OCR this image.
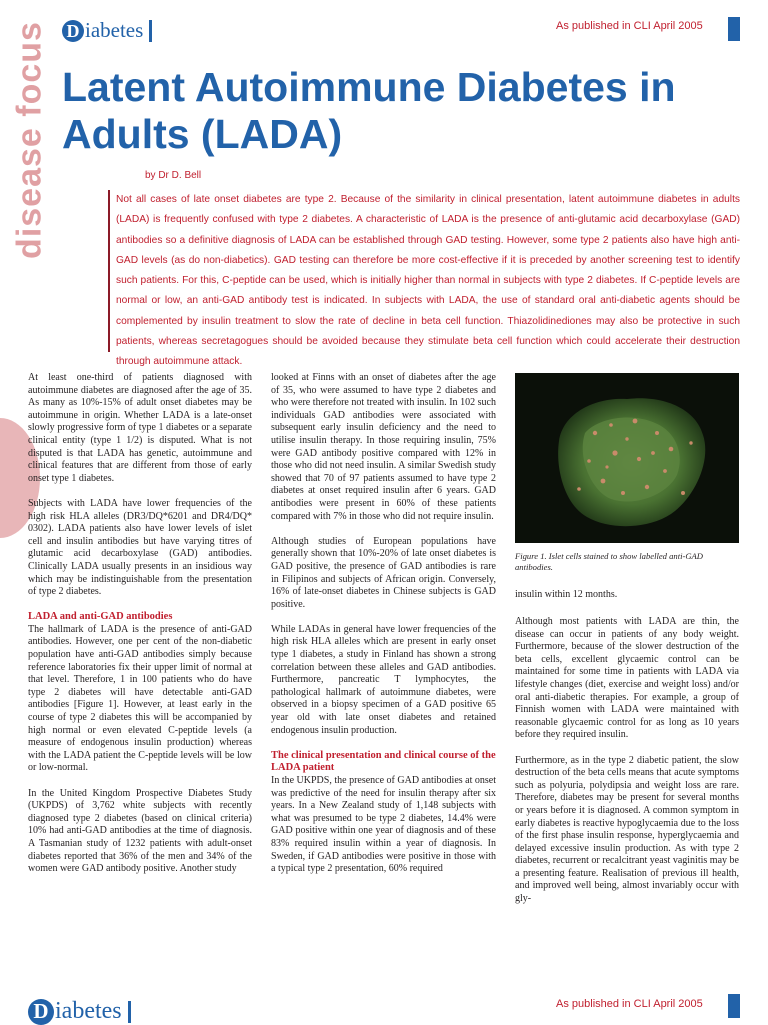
disease focus D iabetes	As published in CLI April 2005
Latent Autoimmune Diabetes in Adults (LADA)
by Dr D. Bell
Not all cases of late onset diabetes are type 2. Because of the similarity in clinical presentation, latent autoimmune diabetes in adults (LADA) is frequently confused with type 2 diabetes. A characteristic of LADA is the presence of anti-glutamic acid decarboxylase (GAD) antibodies so a definitive diagnosis of LADA can be established through GAD testing. However, some type 2 patients also have high anti-GAD levels (as do non-diabetics). GAD testing can therefore be more cost-effective if it is preceded by another screening test to identify such patients. For this, C-peptide can be used, which is initially higher than normal in subjects with type 2 diabetes. If C-peptide levels are normal or low, an anti-GAD antibody test is indicated. In subjects with LADA, the use of standard oral anti-diabetic agents should be complemented by insulin treatment to slow the rate of decline in beta cell function. Thiazolidinediones may also be protective in such patients, whereas secretagogues should be avoided because they stimulate beta cell function which could accelerate their destruction through autoimmune attack.

At least one-third of patients diagnosed with autoimmune diabetes are diagnosed after the age of 35. As many as 10%-15% of adult onset diabetes may be autoimmune in origin. Whether LADA is a late-onset slowly progressive form of type 1 diabetes or a separate clinical entity (type 1 1/2) is disputed. What is not disputed is that LADA has genetic, autoimmune and clinical features that are different from those of early onset type 1 diabetes.

Subjects with LADA have lower frequencies of the high risk HLA alleles (DR3/DQ*6201 and DR4/DQ* 0302). LADA patients also have lower levels of islet cell and insulin antibodies but have varying titres of glutamic acid decarboxylase (GAD) antibodies. Clinically LADA usually presents in an insidious way which may be indistinguishable from the presentation of type 2 diabetes.

LADA and anti-GAD antibodies

The hallmark of LADA is the presence of anti-GAD antibodies. However, one per cent of the non-diabetic population have anti-GAD antibodies simply because reference laboratories fix their upper limit of normal at that level. Therefore, 1 in 100 patients who do have type 2 diabetes will have detectable anti-GAD antibodies [Figure 1]. However, at least early in the course of type 2 diabetes this will be accompanied by high normal or even elevated C-peptide levels (a measure of endogenous insulin production) whereas with the LADA patient the C-peptide levels will be low or low-normal.

In the United Kingdom Prospective Diabetes Study (UKPDS) of 3,762 white subjects with recently diagnosed type 2 diabetes (based on clinical criteria) 10% had anti-GAD antibodies at the time of diagnosis. A Tasmanian study of 1232 patients with adult-onset diabetes reported that 36% of the men and 34% of the women were GAD antibody positive. Another study

looked at Finns with an onset of diabetes after the age of 35, who were assumed to have type 2 diabetes and who were therefore not treated with insulin. In 102 such individuals GAD antibodies were associated with subsequent early insulin deficiency and the need to utilise insulin therapy. In those requiring insulin, 75% were GAD antibody positive compared with 12% in those who did not need insulin. A similar Swedish study showed that 70 of 97 patients assumed to have type 2 diabetes at onset required insulin after 6 years. GAD antibodies were present in 60% of these patients compared with 7% in those who did not require insulin.

Although studies of European populations have generally shown that 10%-20% of late onset diabetes is GAD positive, the presence of GAD antibodies is rare in Filipinos and subjects of African origin. Conversely, 16% of late-onset diabetes in Chinese subjects is GAD positive.

While LADAs in general have lower frequencies of the high risk HLA alleles which are present in early onset type 1 diabetes, a study in Finland has shown a strong correlation between these alleles and GAD antibodies. Furthermore, pancreatic T lymphocytes, the pathological hallmark of autoimmune diabetes, were observed in a biopsy specimen of a GAD positive 65 year old with late onset diabetes and retained endogenous insulin production.

The clinical presentation and clinical course of the LADA patient

In the UKPDS, the presence of GAD antibodies at onset was predictive of the need for insulin therapy after six years. In a New Zealand study of 1,148 subjects with what was presumed to be type 2 diabetes, 14.4% were GAD positive within one year of diagnosis and of these 83% required insulin within a year of diagnosis. In Sweden, if GAD antibodies were positive in those with a typical type 2 presentation, 60% required

Figure 1. Islet cells stained to show labelled anti-GAD antibodies.

insulin within 12 months.

Although most patients with LADA are thin, the disease can occur in patients of any body weight. Furthermore, because of the slower destruction of the beta cells, excellent glycaemic control can be maintained for some time in patients with LADA via lifestyle changes (diet, exercise and weight loss) and/or oral anti-diabetic therapies. For example, a group of Finnish women with LADA were maintained with reasonable glycaemic control for as long as 10 years before they required insulin.

Furthermore, as in the type 2 diabetic patient, the slow destruction of the beta cells means that acute symptoms such as polyuria, polydipsia and weight loss are rare. Therefore, diabetes may be present for several months or years before it is diagnosed. A common symptom in early diabetes is reactive hypoglycaemia due to the loss of the first phase insulin response, hyperglycaemia and delayed excessive insulin production. As with type 2 diabetes, recurrent or recalcitrant yeast vaginitis may be a presenting feature. Realisation of previous ill health, and improved well being, almost invariably occur with gly-

D iabetes	As published in CLI April 2005
